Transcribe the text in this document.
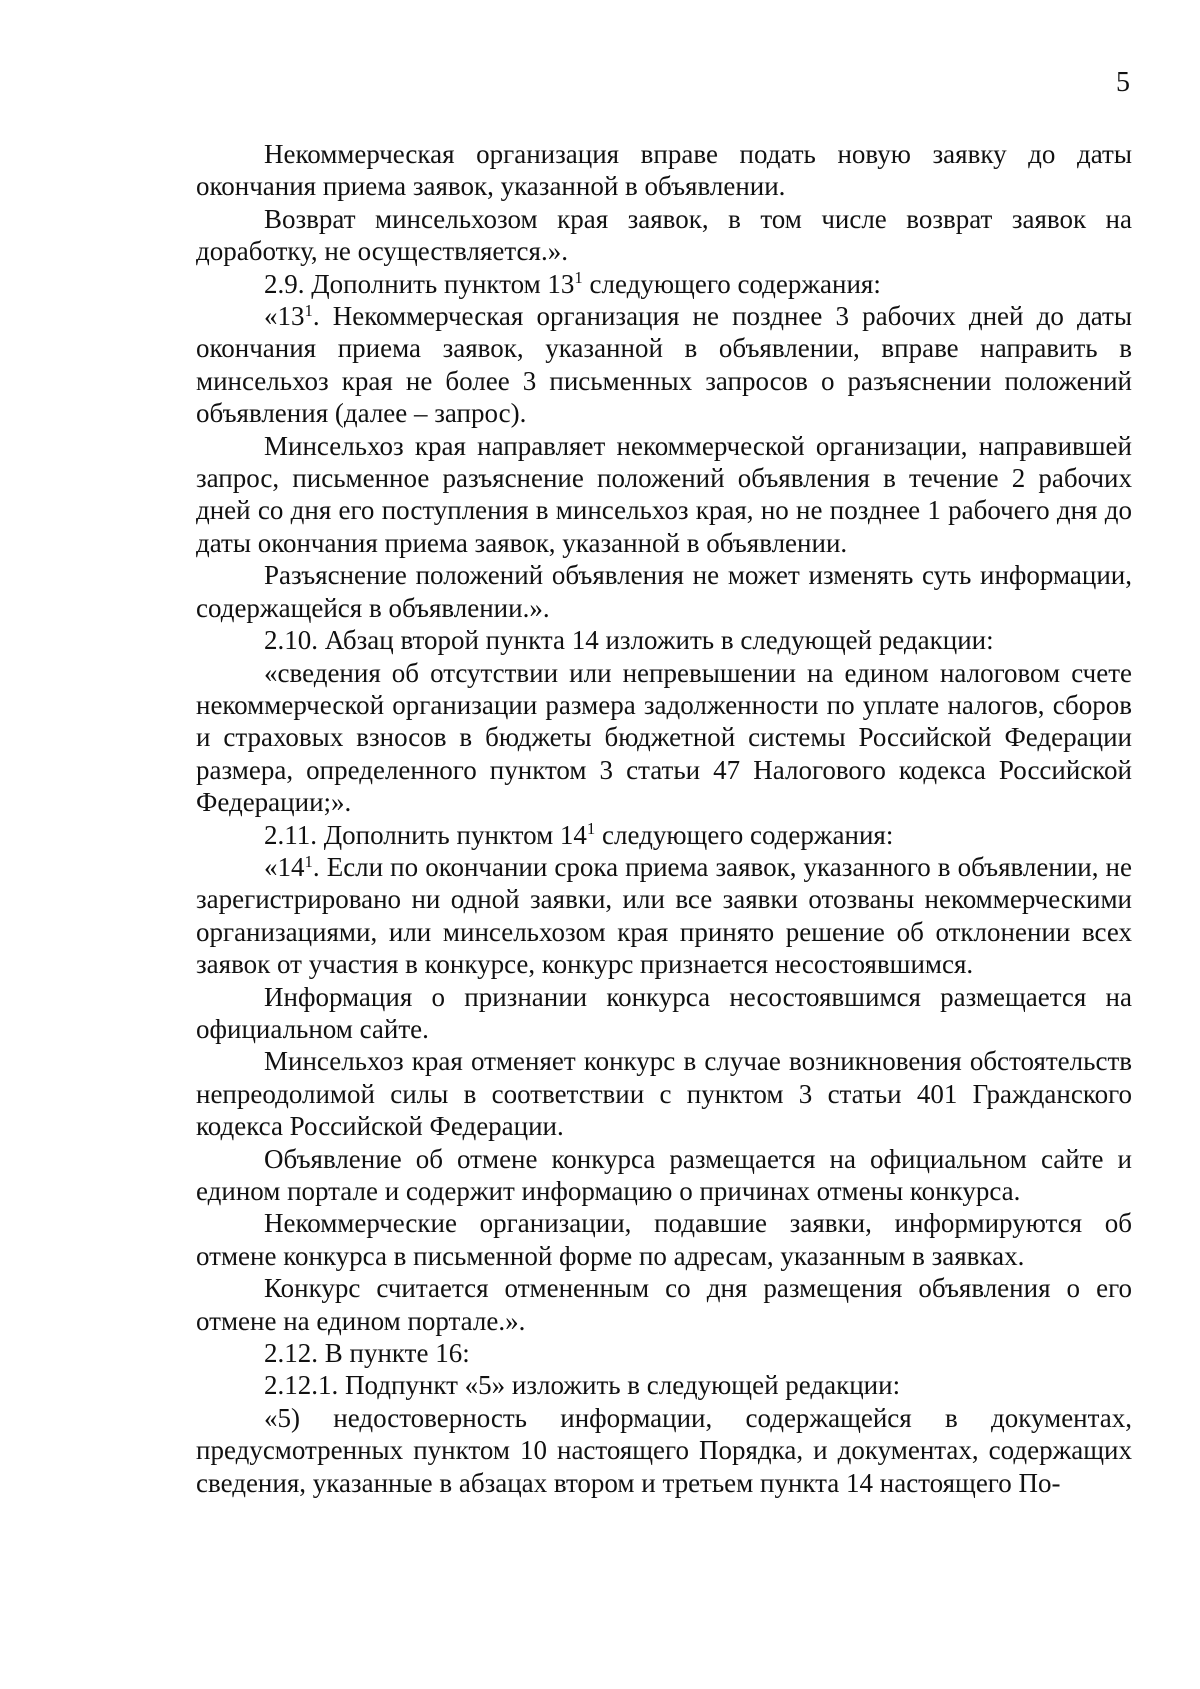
5

Некоммерческая организация вправе подать новую заявку до даты окончания приема заявок, указанной в объявлении.

Возврат минсельхозом края заявок, в том числе возврат заявок на доработку, не осуществляется.».

2.9. Дополнить пунктом $13^1$ следующего содержания:

«$13^1$. Некоммерческая организация не позднее 3 рабочих дней до даты окончания приема заявок, указанной в объявлении, вправе направить в минсельхоз края не более 3 письменных запросов о разъяснении положений объявления (далее – запрос).

Минсельхоз края направляет некоммерческой организации, направившей запрос, письменное разъяснение положений объявления в течение 2 рабочих дней со дня его поступления в минсельхоз края, но не позднее 1 рабочего дня до даты окончания приема заявок, указанной в объявлении.

Разъяснение положений объявления не может изменять суть информации, содержащейся в объявлении.».

2.10. Абзац второй пункта 14 изложить в следующей редакции:

«сведения об отсутствии или непревышении на едином налоговом счете некоммерческой организации размера задолженности по уплате налогов, сборов и страховых взносов в бюджеты бюджетной системы Российской Федерации размера, определенного пунктом 3 статьи 47 Налогового кодекса Российской Федерации;».

2.11. Дополнить пунктом $14^1$ следующего содержания:

«$14^1$. Если по окончании срока приема заявок, указанного в объявлении, не зарегистрировано ни одной заявки, или все заявки отозваны некоммерческими организациями, или минсельхозом края принято решение об отклонении всех заявок от участия в конкурсе, конкурс признается несостоявшимся.

Информация о признании конкурса несостоявшимся размещается на официальном сайте.

Минсельхоз края отменяет конкурс в случае возникновения обстоятельств непреодолимой силы в соответствии с пунктом 3 статьи 401 Гражданского кодекса Российской Федерации.

Объявление об отмене конкурса размещается на официальном сайте и едином портале и содержит информацию о причинах отмены конкурса.

Некоммерческие организации, подавшие заявки, информируются об отмене конкурса в письменной форме по адресам, указанным в заявках.

Конкурс считается отмененным со дня размещения объявления о его отмене на едином портале.».

2.12. В пункте 16:

2.12.1. Подпункт «5» изложить в следующей редакции:

«5) недостоверность информации, содержащейся в документах, предусмотренных пунктом 10 настоящего Порядка, и документах, содержащих сведения, указанные в абзацах втором и третьем пункта 14 настоящего По-
